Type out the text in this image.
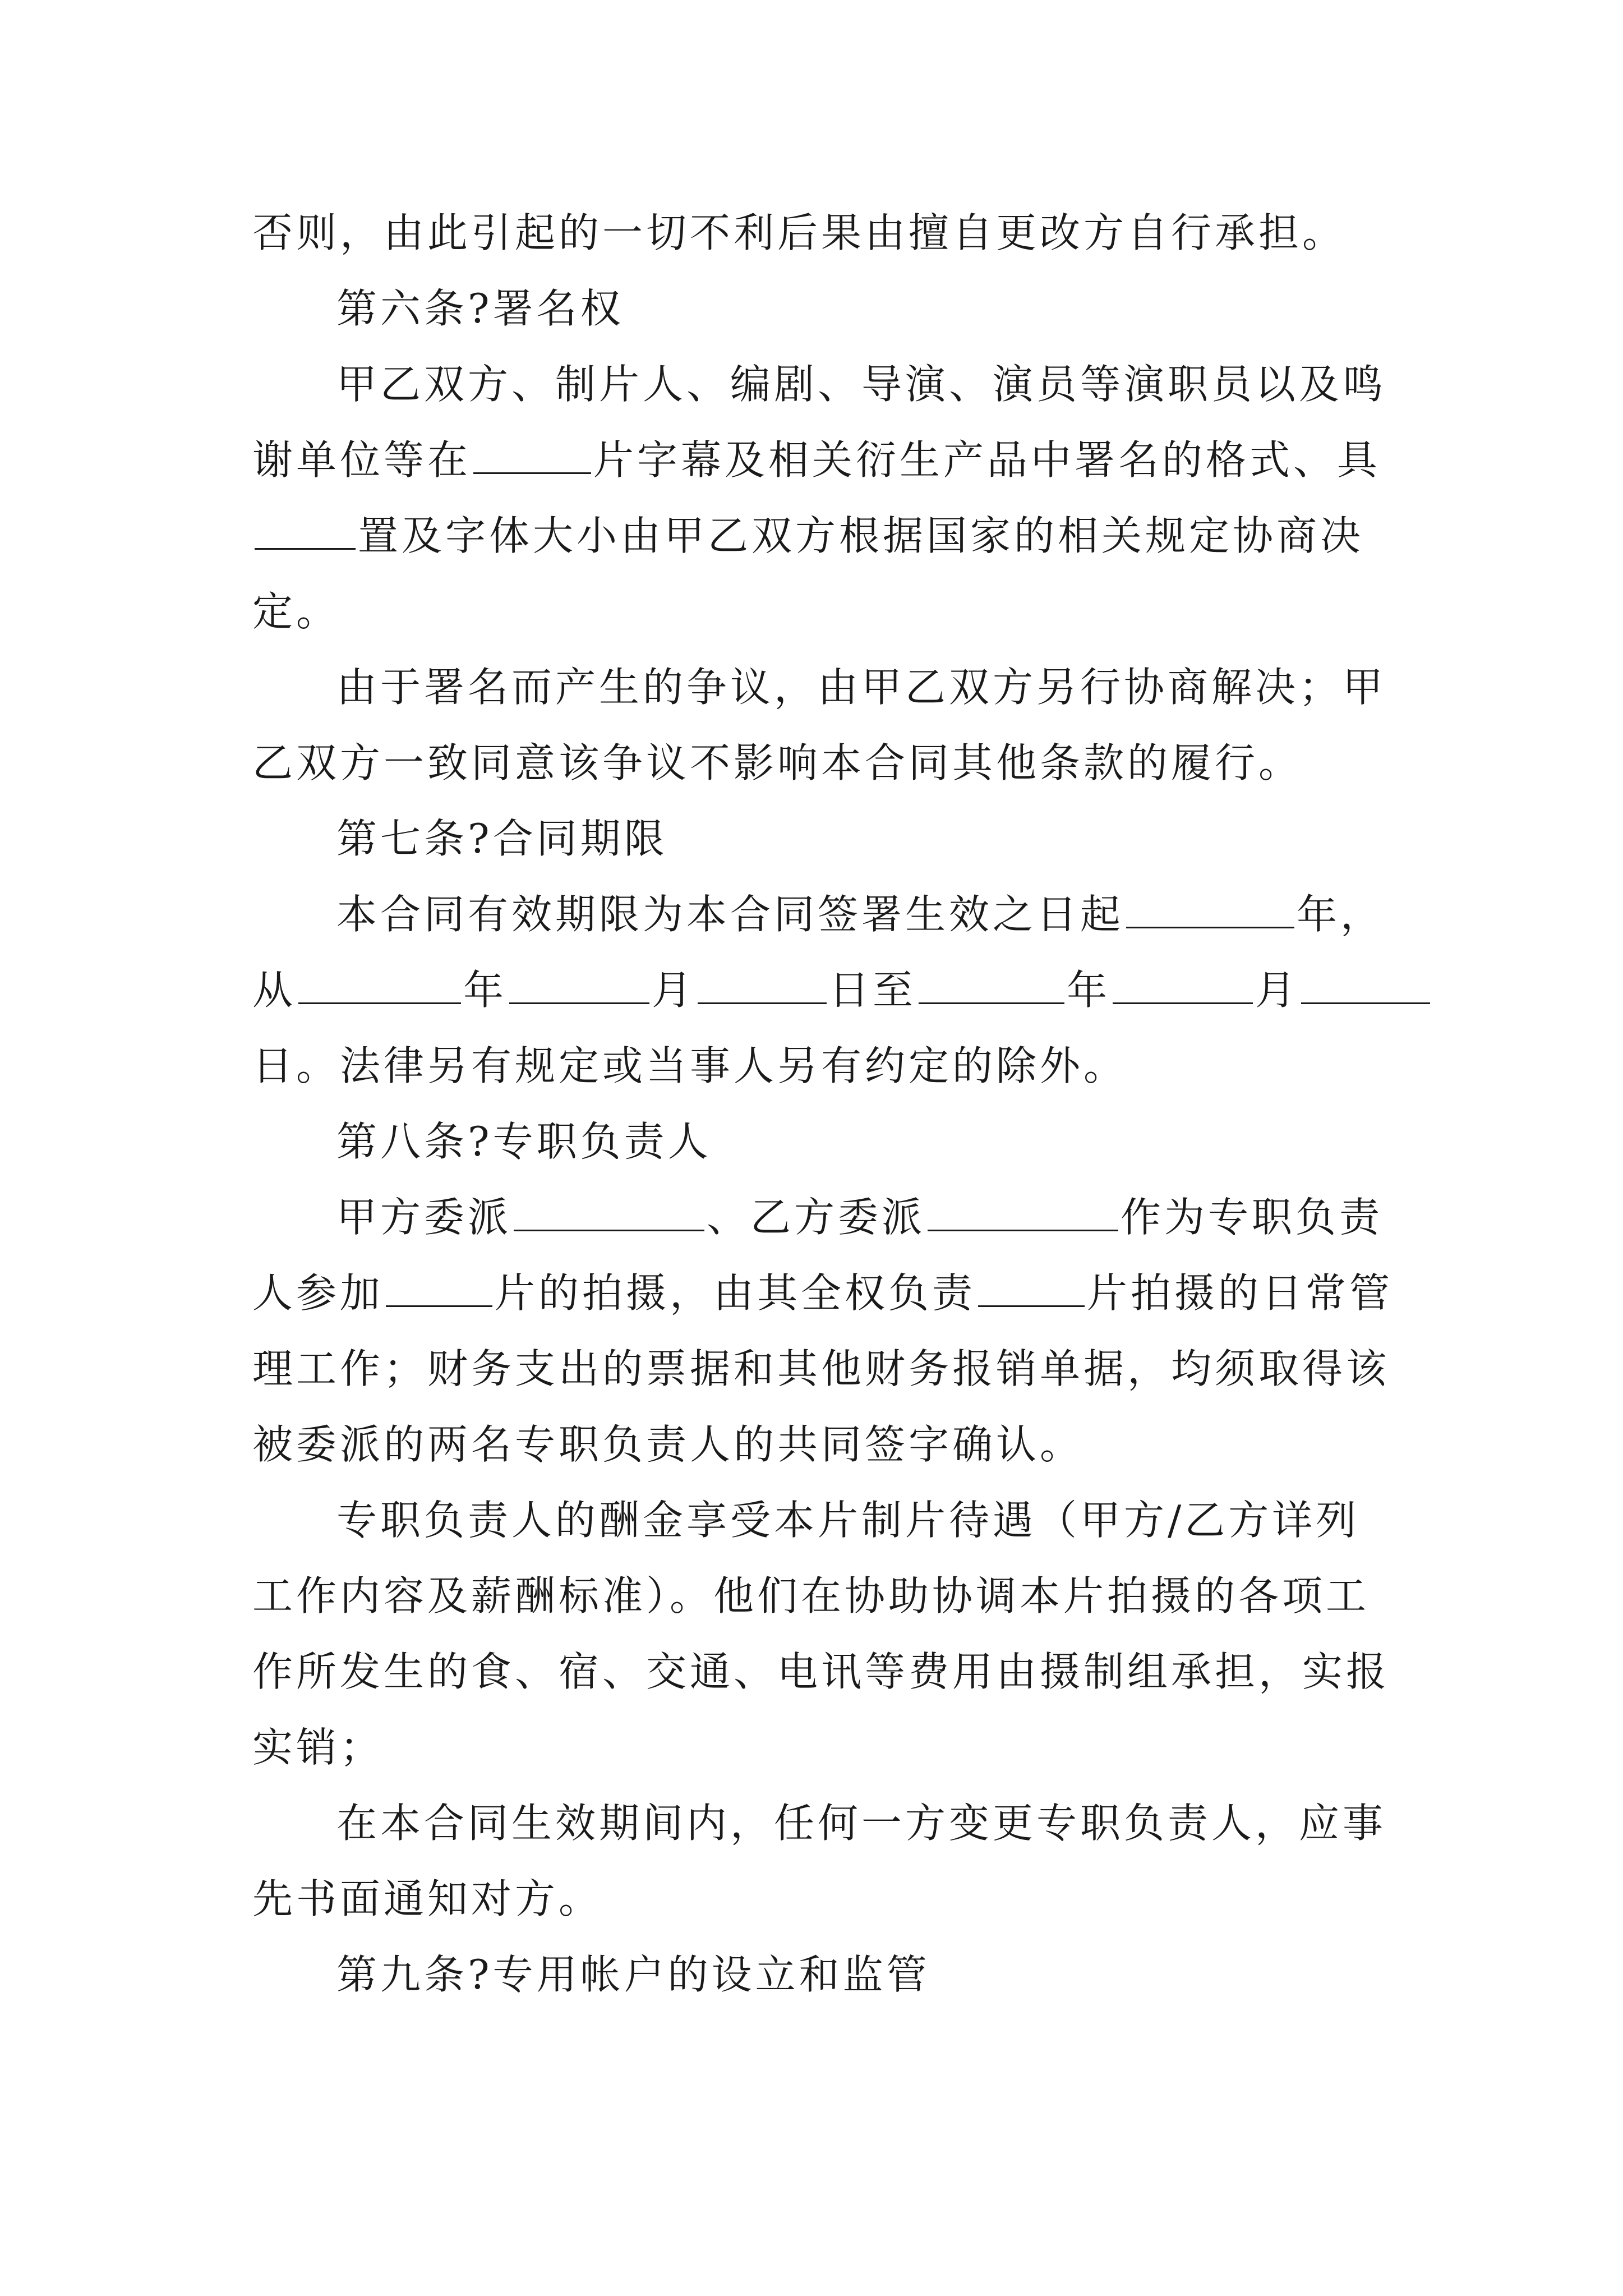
否则，由此引起的一切不利后果由擅自更改方自行承担。
第六条?署名权
甲乙双方、制片人、编剧、导演、演员等演职员以及鸣
谢单位等在	片字幕及相关衍生产品中署名的格式、具
置及字体大小由甲乙双方根据国家的相关规定协商决
定。
由于署名而产生的争议，由甲乙双方另行协商解决；甲
乙双方一致同意该争议不影响本合同其他条款的履行。
第七条?合同期限
本合同有效期限为本合同签署生效之日起	年，
从	年	月	日至	年	月
日。法律另有规定或当事人另有约定的除外。
第八条?专职负责人
甲方委派	、乙方委派	作为专职负责
人参加	片的拍摄，由其全权负责	片拍摄的日常管
理工作；财务支出的票据和其他财务报销单据，均须取得该
被委派的两名专职负责人的共同签字确认。
专职负责人的酬金享受本片制片待遇（甲方/乙方详列
工作内容及薪酬标准）。他们在协助协调本片拍摄的各项工
作所发生的食、宿、交通、电讯等费用由摄制组承担，实报
实销；
在本合同生效期间内，任何一方变更专职负责人，应事
先书面通知对方。
第九条?专用帐户的设立和监管
